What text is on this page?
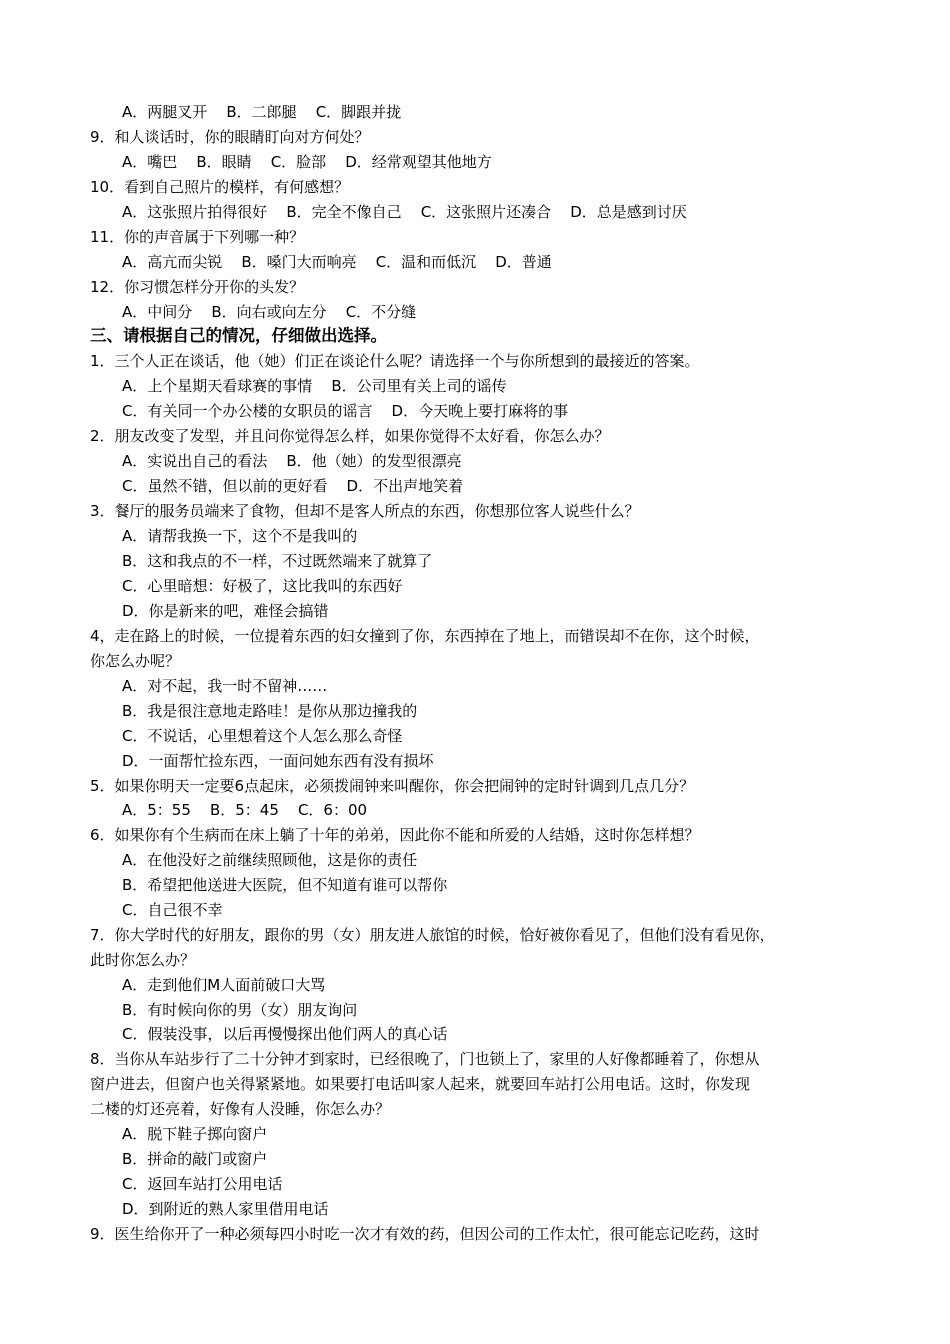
A．两腿叉开    B．二郎腿    C．脚跟并拢
9．和人谈话时，你的眼睛盯向对方何处？
A．嘴巴    B．眼睛    C．脸部    D．经常观望其他地方
10．看到自己照片的模样，有何感想？
A．这张照片拍得很好    B．完全不像自己    C．这张照片还凑合    D．总是感到讨厌
11．你的声音属于下列哪一种？
A．高亢而尖锐    B．嗓门大而响亮    C．温和而低沉    D．普通
12．你习惯怎样分开你的头发？
A．中间分    B．向右或向左分    C．不分缝
三、请根据自己的情况，仔细做出选择。
1．三个人正在谈话，他（她）们正在谈论什么呢？请选择一个与你所想到的最接近的答案。
A．上个星期天看球赛的事情    B．公司里有关上司的谣传
C．有关同一个办公楼的女职员的谣言    D．今天晚上要打麻将的事
2．朋友改变了发型，并且问你觉得怎么样，如果你觉得不太好看，你怎么办？
A．实说出自己的看法    B．他（她）的发型很漂亮
C．虽然不错，但以前的更好看    D．不出声地笑着
3．餐厅的服务员端来了食物，但却不是客人所点的东西，你想那位客人说些什么？
A．请帮我换一下，这个不是我叫的
B．这和我点的不一样，不过既然端来了就算了
C．心里暗想：好极了，这比我叫的东西好
D．你是新来的吧，难怪会搞错
4，走在路上的时候，一位提着东西的妇女撞到了你，东西掉在了地上，而错误却不在你，这个时候，
你怎么办呢？
A．对不起，我一时不留神……
B．我是很注意地走路哇！是你从那边撞我的
C．不说话，心里想着这个人怎么那么奇怪
D．一面帮忙捡东西，一面问她东西有没有损坏
5．如果你明天一定要6点起床，必须拨闹钟来叫醒你，你会把闹钟的定时针调到几点几分？
A．5：55    B．5：45    C．6：00
6．如果你有个生病而在床上躺了十年的弟弟，因此你不能和所爱的人结婚，这时你怎样想？
A．在他没好之前继续照顾他，这是你的责任
B．希望把他送进大医院，但不知道有谁可以帮你
C．自己很不幸
7．你大学时代的好朋友，跟你的男（女）朋友进人旅馆的时候，恰好被你看见了，但他们没有看见你，
此时你怎么办？
A．走到他们M人面前破口大骂
B．有时候向你的男（女）朋友询问
C．假装没事，以后再慢慢探出他们两人的真心话
8．当你从车站步行了二十分钟才到家时，已经很晚了，门也锁上了，家里的人好像都睡着了，你想从
窗户进去，但窗户也关得紧紧地。如果要打电话叫家人起来，就要回车站打公用电话。这时，你发现
二楼的灯还亮着，好像有人没睡，你怎么办？
A．脱下鞋子掷向窗户
B．拼命的敲门或窗户
C．返回车站打公用电话
D．到附近的熟人家里借用电话
9．医生给你开了一种必须每四小时吃一次才有效的药，但因公司的工作太忙，很可能忘记吃药，这时
